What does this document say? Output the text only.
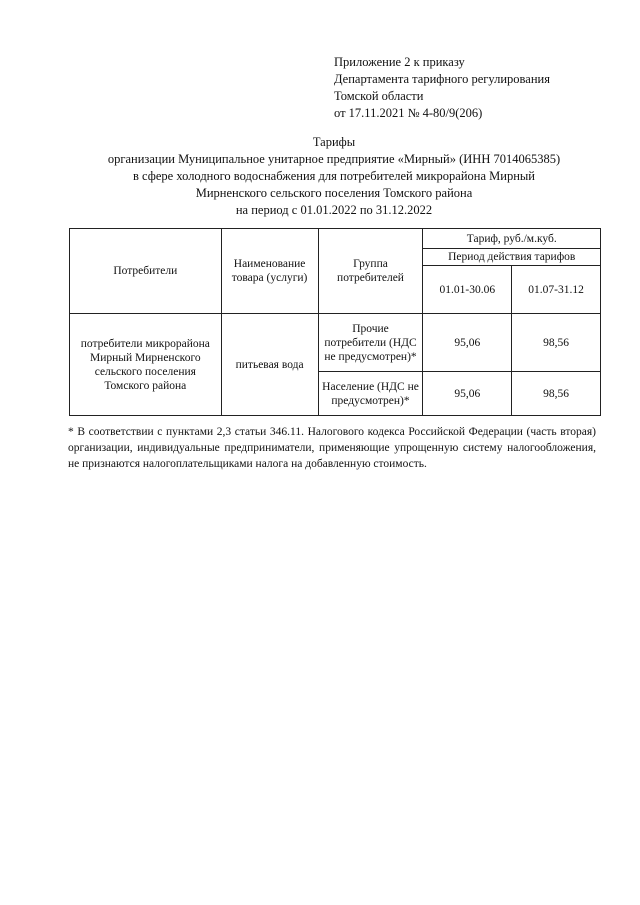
Приложение 2 к приказу
Департамента тарифного регулирования
Томской области
от 17.11.2021 № 4-80/9(206)
Тарифы
организации Муниципальное унитарное предприятие «Мирный» (ИНН 7014065385)
в сфере холодного водоснабжения для потребителей микрорайона Мирный
Мирненского сельского поселения Томского района
на период с 01.01.2022 по 31.12.2022
Потребители	Наименование товара (услуги)	Группа потребителей	Тариф, руб./м.куб.	
			Период действия тарифов	
			01.01-30.06	01.07-31.12
потребители микрорайона Мирный Мирненского сельского поселения Томского района	питьевая вода	Прочие потребители (НДС не предусмотрен)*	95,06	98,56
		Население (НДС не предусмотрен)*	95,06	98,56
* В соответствии с пунктами 2,3 статьи 346.11. Налогового кодекса Российской Федерации (часть вторая) организации, индивидуальные предприниматели, применяющие упрощенную систему налогообложения, не признаются налогоплательщиками налога на добавленную стоимость.
